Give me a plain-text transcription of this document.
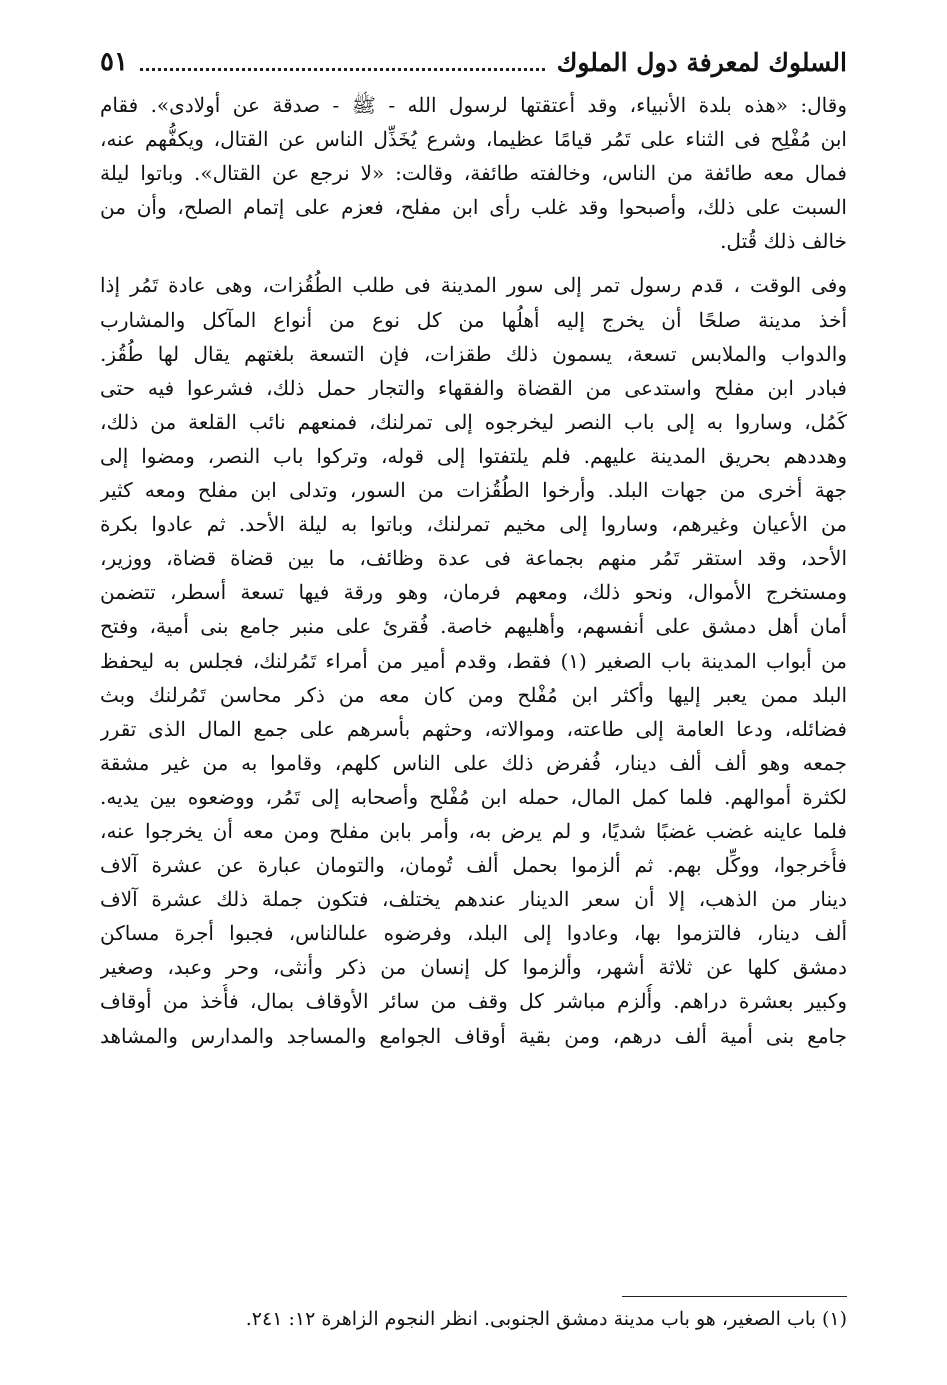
السلوك لمعرفة دول الملوك
٥١
وقال: «هذه بلدة الأنبياء، وقد أعتقتها لرسول الله - ﷺ - صدقة عن أولادى». فقام
ابن مُفْلِح فى الثناء على تَمُر قيامًا عظيما، وشرع يُخَذِّل الناس عن القتال، ويكفُّهم عنه،
فمال معه طائفة من الناس، وخالفته طائفة، وقالت: «لا نرجع عن القتال». وباتوا ليلة
السبت على ذلك، وأصبحوا وقد غلب رأى ابن مفلح، فعزم على إتمام الصلح، وأن من
خالف ذلك قُتل.
وفى الوقت ، قدم رسول تمر إلى سور المدينة فى طلب الطُقُزات، وهى عادة تَمُر إذا
أخذ مدينة صلحًا أن يخرج إليه أهلُها من كل نوع من أنواع المآكل والمشارب
والدواب والملابس تسعة، يسمون ذلك طقزات، فإن التسعة بلغتهم يقال لها طُقُز.
فبادر ابن مفلح واستدعى من القضاة والفقهاء والتجار حمل ذلك، فشرعوا فيه حتى
كَمُل، وساروا به إلى باب النصر ليخرجوه إلى تمرلنك، فمنعهم نائب القلعة من ذلك،
وهددهم بحريق المدينة عليهم. فلم يلتفتوا إلى قوله، وتركوا باب النصر، ومضوا إلى
جهة أخرى من جهات البلد. وأرخوا الطُقُزات من السور، وتدلى ابن مفلح ومعه كثير
من الأعيان وغيرهم، وساروا إلى مخيم تمرلنك، وباتوا به ليلة الأحد. ثم عادوا بكرة
الأحد، وقد استقر تَمُر منهم بجماعة فى عدة وظائف، ما بين قضاة قضاة، ووزير،
ومستخرج الأموال، ونحو ذلك، ومعهم فرمان، وهو ورقة فيها تسعة أسطر، تتضمن
أمان أهل دمشق على أنفسهم، وأهليهم خاصة. فُقرئ على منبر جامع بنى أمية، وفتح
من أبواب المدينة باب الصغير (١) فقط، وقدم أمير من أمراء تَمُرلنك، فجلس به ليحفظ
البلد ممن يعبر إليها وأكثر ابن مُفْلح ومن كان معه من ذكر محاسن تَمُرلنك وبث
فضائله، ودعا العامة إلى طاعته، وموالاته، وحثهم بأسرهم على جمع المال الذى تقرر
جمعه وهو ألف ألف دينار، فُفرض ذلك على الناس كلهم، وقاموا به من غير مشقة
لكثرة أموالهم. فلما كمل المال، حمله ابن مُفْلح وأصحابه إلى تَمُر، ووضعوه بين يديه.
فلما عاينه غضب غضبًا شديًا، و لم يرض به، وأمر بابن مفلح ومن معه أن يخرجوا عنه،
فأُخرجوا، ووكِّل بهم. ثم ألزموا بحمل ألف تُومان، والتومان عبارة عن عشرة آلاف
دينار من الذهب، إلا أن سعر الدينار عندهم يختلف، فتكون جملة ذلك عشرة آلاف
ألف دينار، فالتزموا بها، وعادوا إلى البلد، وفرضوه علىالناس، فجبوا أجرة مساكن
دمشق كلها عن ثلاثة أشهر، وألزموا كل إنسان من ذكر وأنثى، وحر وعبد، وصغير
وكبير بعشرة دراهم. وأُلزم مباشر كل وقف من سائر الأوقاف بمال، فأُخذ من أوقاف
جامع بنى أمية ألف درهم، ومن بقية أوقاف الجوامع والمساجد والمدارس والمشاهد
(١) باب الصغير، هو باب مدينة دمشق الجنوبى. انظر النجوم الزاهرة ١٢: ٢٤١.
